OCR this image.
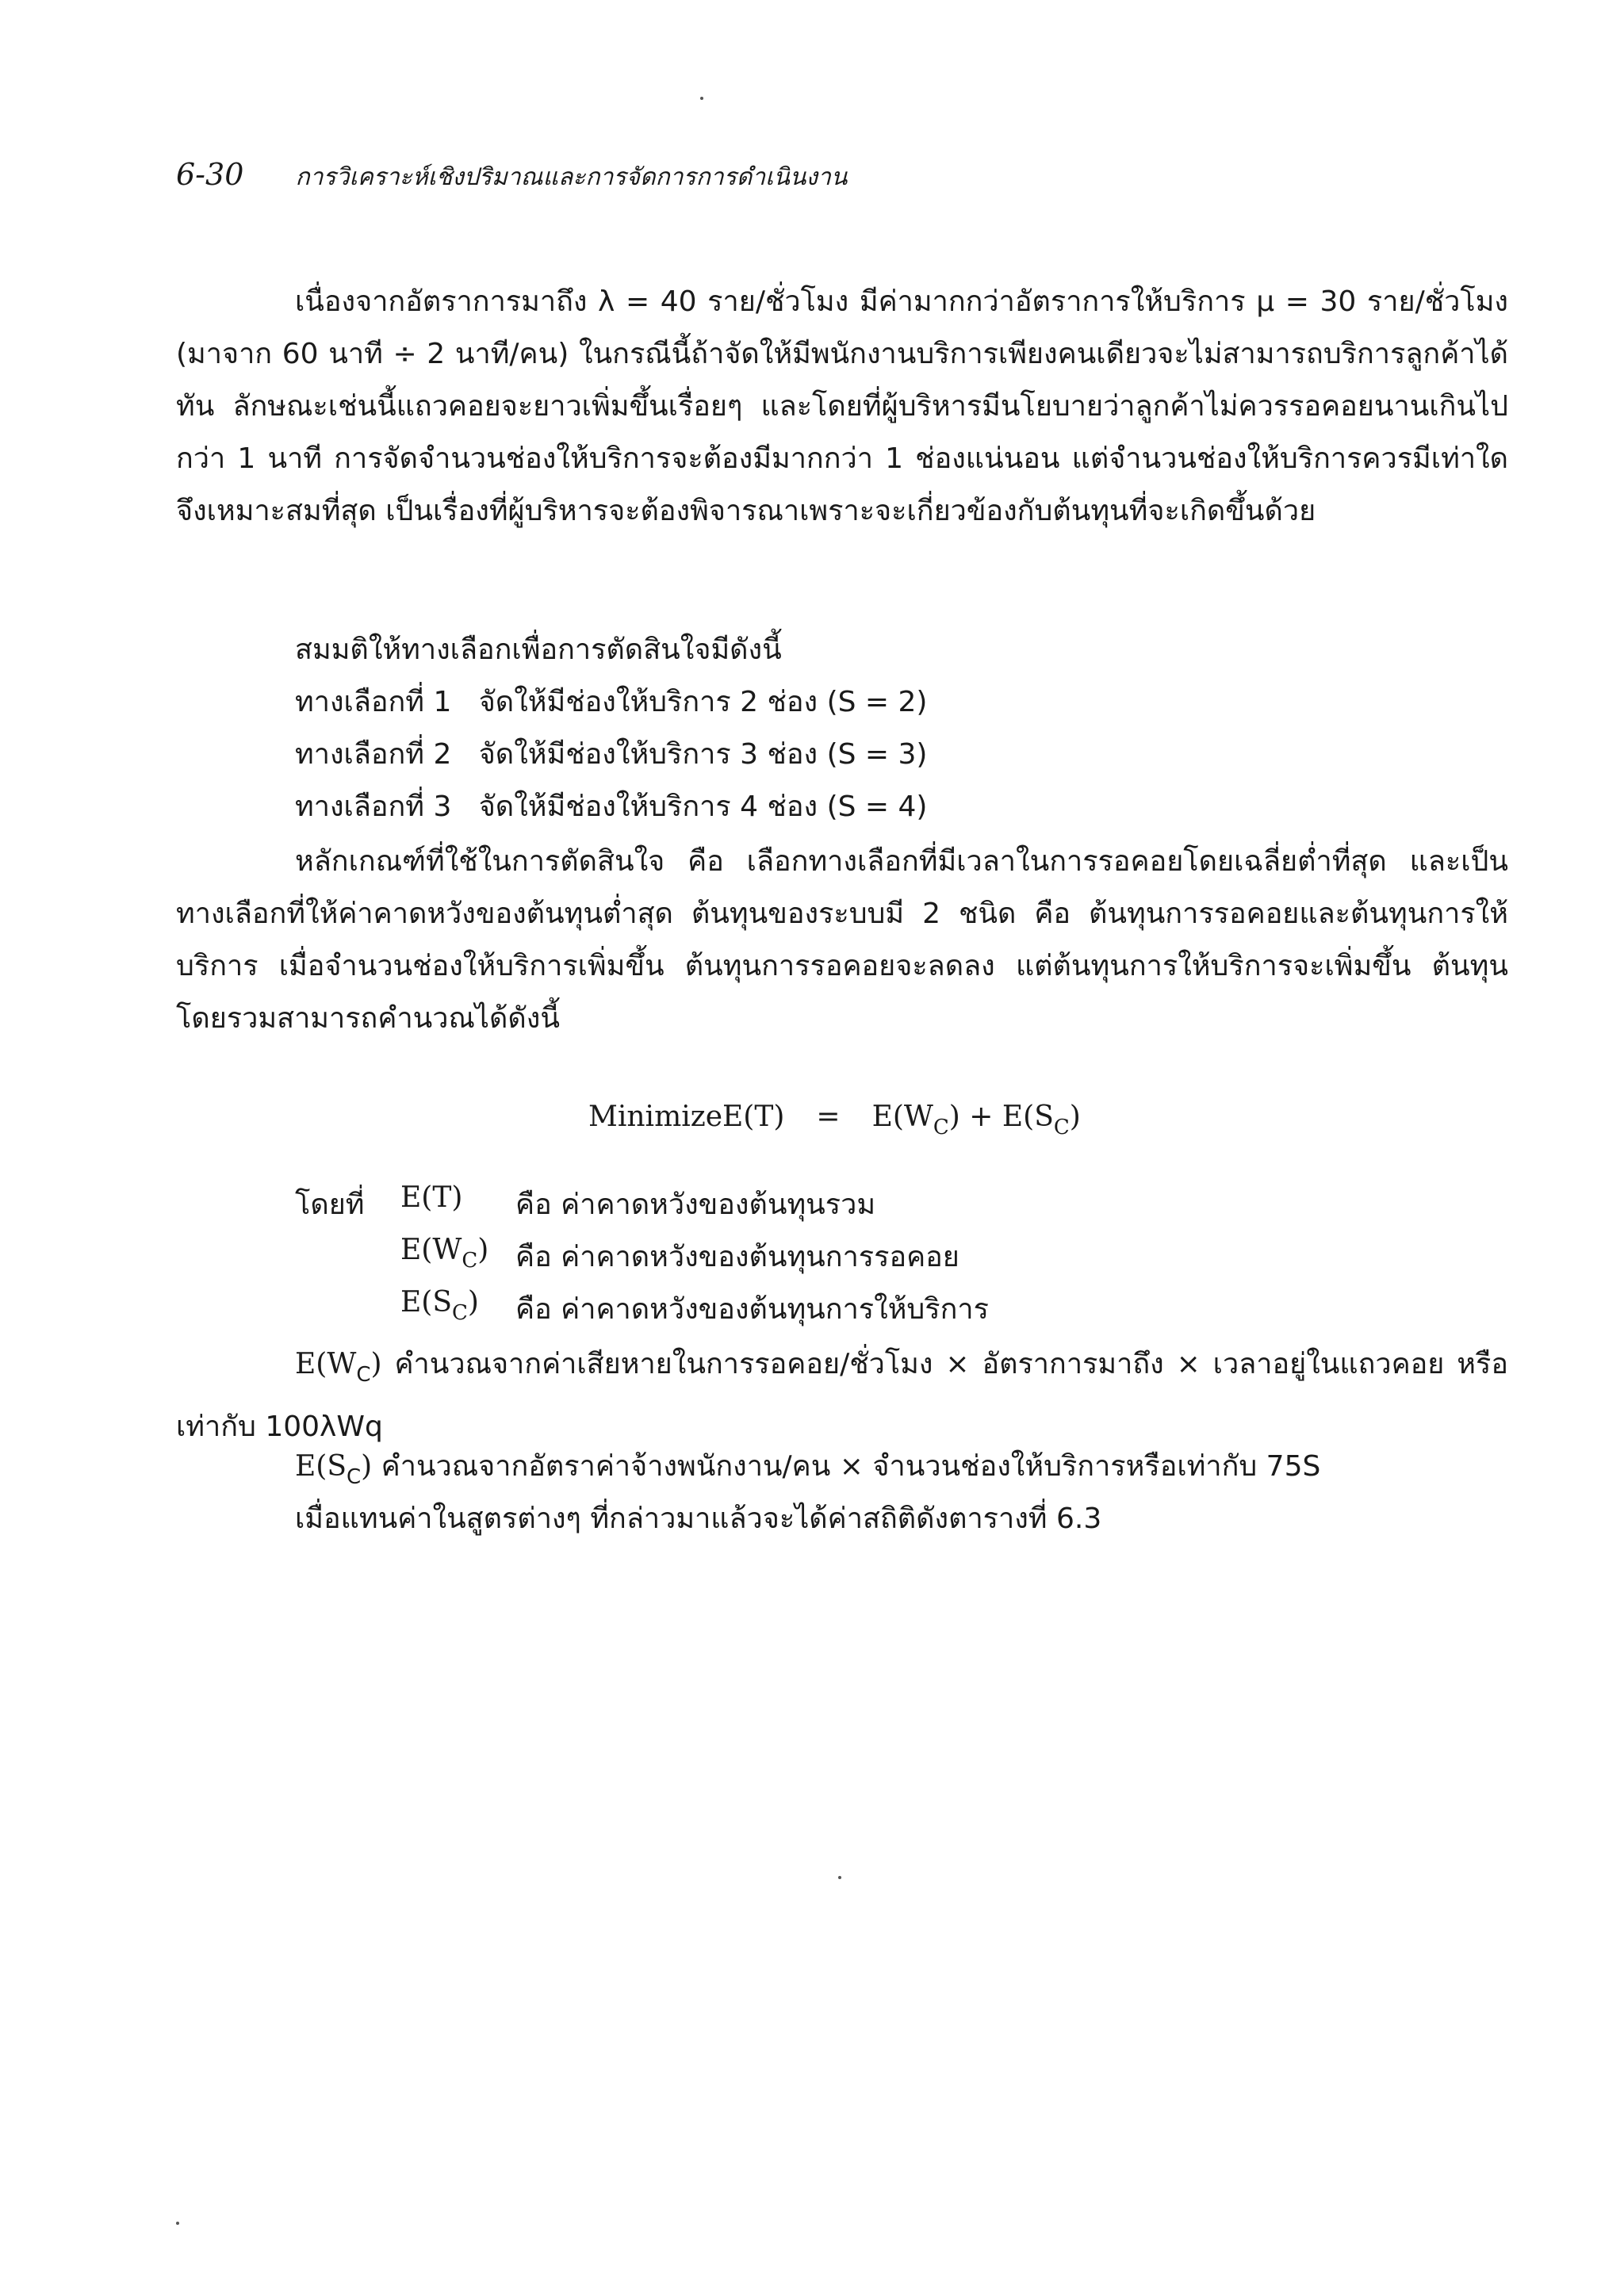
6-30 การวิเคราะห์เชิงปริมาณและการจัดการการดำเนินงาน

เนื่องจากอัตราการมาถึง λ = 40 ราย/ชั่วโมง มีค่ามากกว่าอัตราการให้บริการ μ = 30 ราย/ชั่วโมง (มาจาก 60 นาที ÷ 2 นาที/คน) ในกรณีนี้ถ้าจัดให้มีพนักงานบริการเพียงคนเดียวจะไม่สามารถบริการลูกค้าได้ทัน ลักษณะเช่นนี้แถวคอยจะยาวเพิ่มขึ้นเรื่อยๆ และโดยที่ผู้บริหารมีนโยบายว่าลูกค้าไม่ควรรอคอยนานเกินไปกว่า 1 นาที การจัดจำนวนช่องให้บริการจะต้องมีมากกว่า 1 ช่องแน่นอน แต่จำนวนช่องให้บริการควรมีเท่าใดจึงเหมาะสมที่สุด เป็นเรื่องที่ผู้บริหารจะต้องพิจารณาเพราะจะเกี่ยวข้องกับต้นทุนที่จะเกิดขึ้นด้วย

สมมติให้ทางเลือกเพื่อการตัดสินใจมีดังนี้

ทางเลือกที่ 1   จัดให้มีช่องให้บริการ 2 ช่อง (S = 2)

ทางเลือกที่ 2   จัดให้มีช่องให้บริการ 3 ช่อง (S = 3)

ทางเลือกที่ 3   จัดให้มีช่องให้บริการ 4 ช่อง (S = 4)

หลักเกณฑ์ที่ใช้ในการตัดสินใจ คือ เลือกทางเลือกที่มีเวลาในการรอคอยโดยเฉลี่ยต่ำที่สุด และเป็นทางเลือกที่ให้ค่าคาดหวังของต้นทุนต่ำสุด ต้นทุนของระบบมี 2 ชนิด คือ ต้นทุนการรอคอยและต้นทุนการให้บริการ เมื่อจำนวนช่องให้บริการเพิ่มขึ้น ต้นทุนการรอคอยจะลดลง แต่ต้นทุนการให้บริการจะเพิ่มขึ้น ต้นทุนโดยรวมสามารถคำนวณได้ดังนี้

MinimizeE(T) = $E(W_C) + E(S_C)$
โดยที่ E(T) คือ ค่าคาดหวังของต้นทุนรวม
$E(W_C)$ คือ ค่าคาดหวังของต้นทุนการรอคอย
$E(S_C)$ คือ ค่าคาดหวังของต้นทุนการให้บริการ

$E(W_C)$ คำนวณจากค่าเสียหายในการรอคอย/ชั่วโมง × อัตราการมาถึง × เวลาอยู่ในแถวคอย หรือเท่ากับ 100λWq

$E(S_C)$ คำนวณจากอัตราค่าจ้างพนักงาน/คน × จำนวนช่องให้บริการหรือเท่ากับ 75S

เมื่อแทนค่าในสูตรต่างๆ ที่กล่าวมาแล้วจะได้ค่าสถิติดังตารางที่ 6.3
